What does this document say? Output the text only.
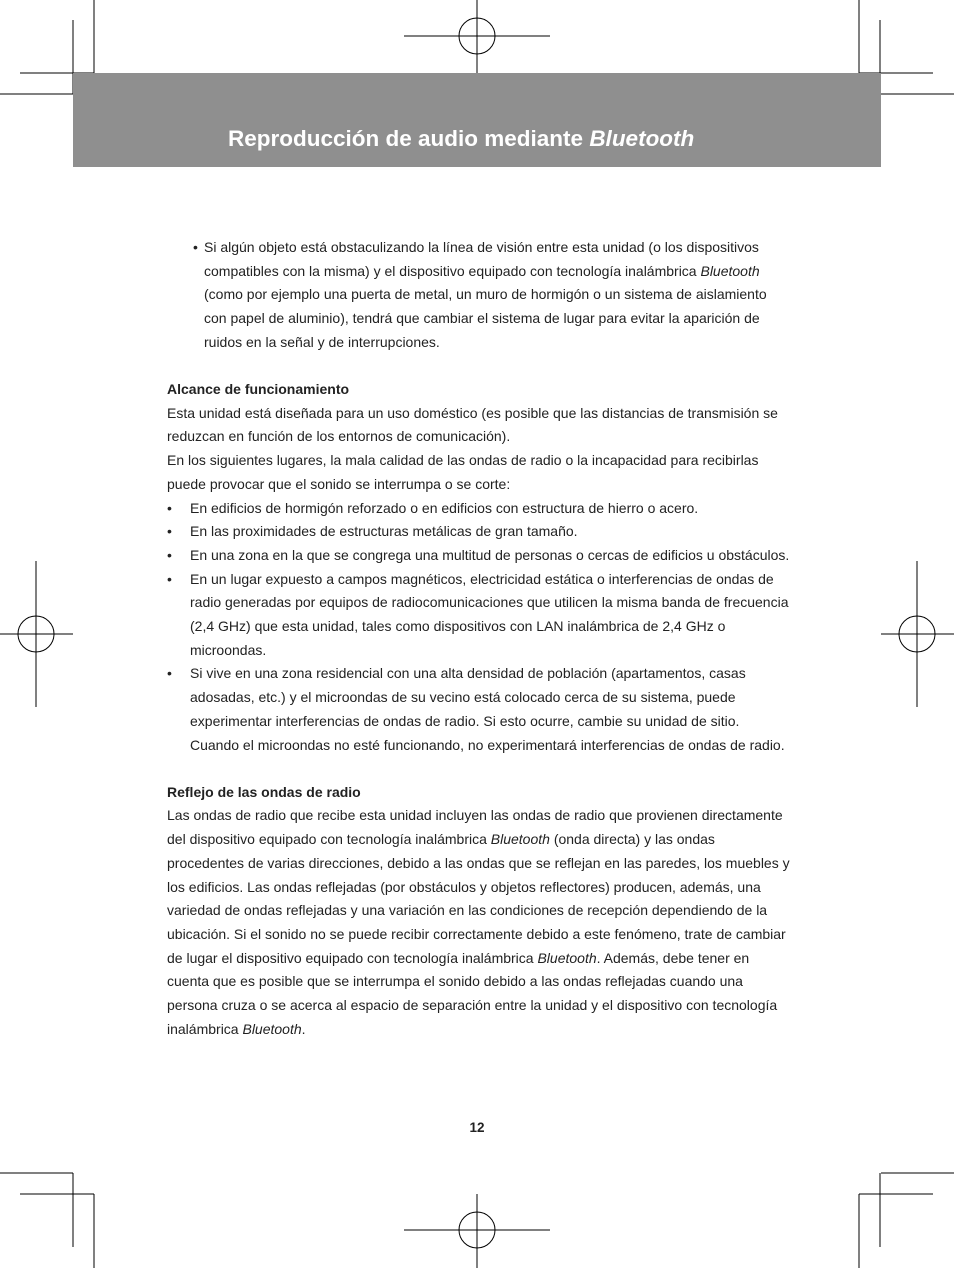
Reproducción de audio mediante Bluetooth
• Si algún objeto está obstaculizando la línea de visión entre esta unidad (o los dispositivos compatibles con la misma) y el dispositivo equipado con tecnología inalámbrica Bluetooth (como por ejemplo una puerta de metal, un muro de hormigón o un sistema de aislamiento con papel de aluminio), tendrá que cambiar el sistema de lugar para evitar la aparición de ruidos en la señal y de interrupciones.

Alcance de funcionamiento

Esta unidad está diseñada para un uso doméstico (es posible que las distancias de transmisión se reduzcan en función de los entornos de comunicación).

En los siguientes lugares, la mala calidad de las ondas de radio o la incapacidad para recibirlas puede provocar que el sonido se interrumpa o se corte:

• En edificios de hormigón reforzado o en edificios con estructura de hierro o acero.
• En las proximidades de estructuras metálicas de gran tamaño.
• En una zona en la que se congrega una multitud de personas o cercas de edificios u obstáculos.
• En un lugar expuesto a campos magnéticos, electricidad estática o interferencias de ondas de radio generadas por equipos de radiocomunicaciones que utilicen la misma banda de frecuencia (2,4 GHz) que esta unidad, tales como dispositivos con LAN inalámbrica de 2,4 GHz o microondas.
• Si vive en una zona residencial con una alta densidad de población (apartamentos, casas adosadas, etc.) y el microondas de su vecino está colocado cerca de su sistema, puede experimentar interferencias de ondas de radio. Si esto ocurre, cambie su unidad de sitio. Cuando el microondas no esté funcionando, no experimentará interferencias de ondas de radio.

Reflejo de las ondas de radio

Las ondas de radio que recibe esta unidad incluyen las ondas de radio que provienen directamente del dispositivo equipado con tecnología inalámbrica Bluetooth (onda directa) y las ondas procedentes de varias direcciones, debido a las ondas que se reflejan en las paredes, los muebles y los edificios. Las ondas reflejadas (por obstáculos y objetos reflectores) producen, además, una variedad de ondas reflejadas y una variación en las condiciones de recepción dependiendo de la ubicación. Si el sonido no se puede recibir correctamente debido a este fenómeno, trate de cambiar de lugar el dispositivo equipado con tecnología inalámbrica Bluetooth. Además, debe tener en cuenta que es posible que se interrumpa el sonido debido a las ondas reflejadas cuando una persona cruza o se acerca al espacio de separación entre la unidad y el dispositivo con tecnología inalámbrica Bluetooth.

12
